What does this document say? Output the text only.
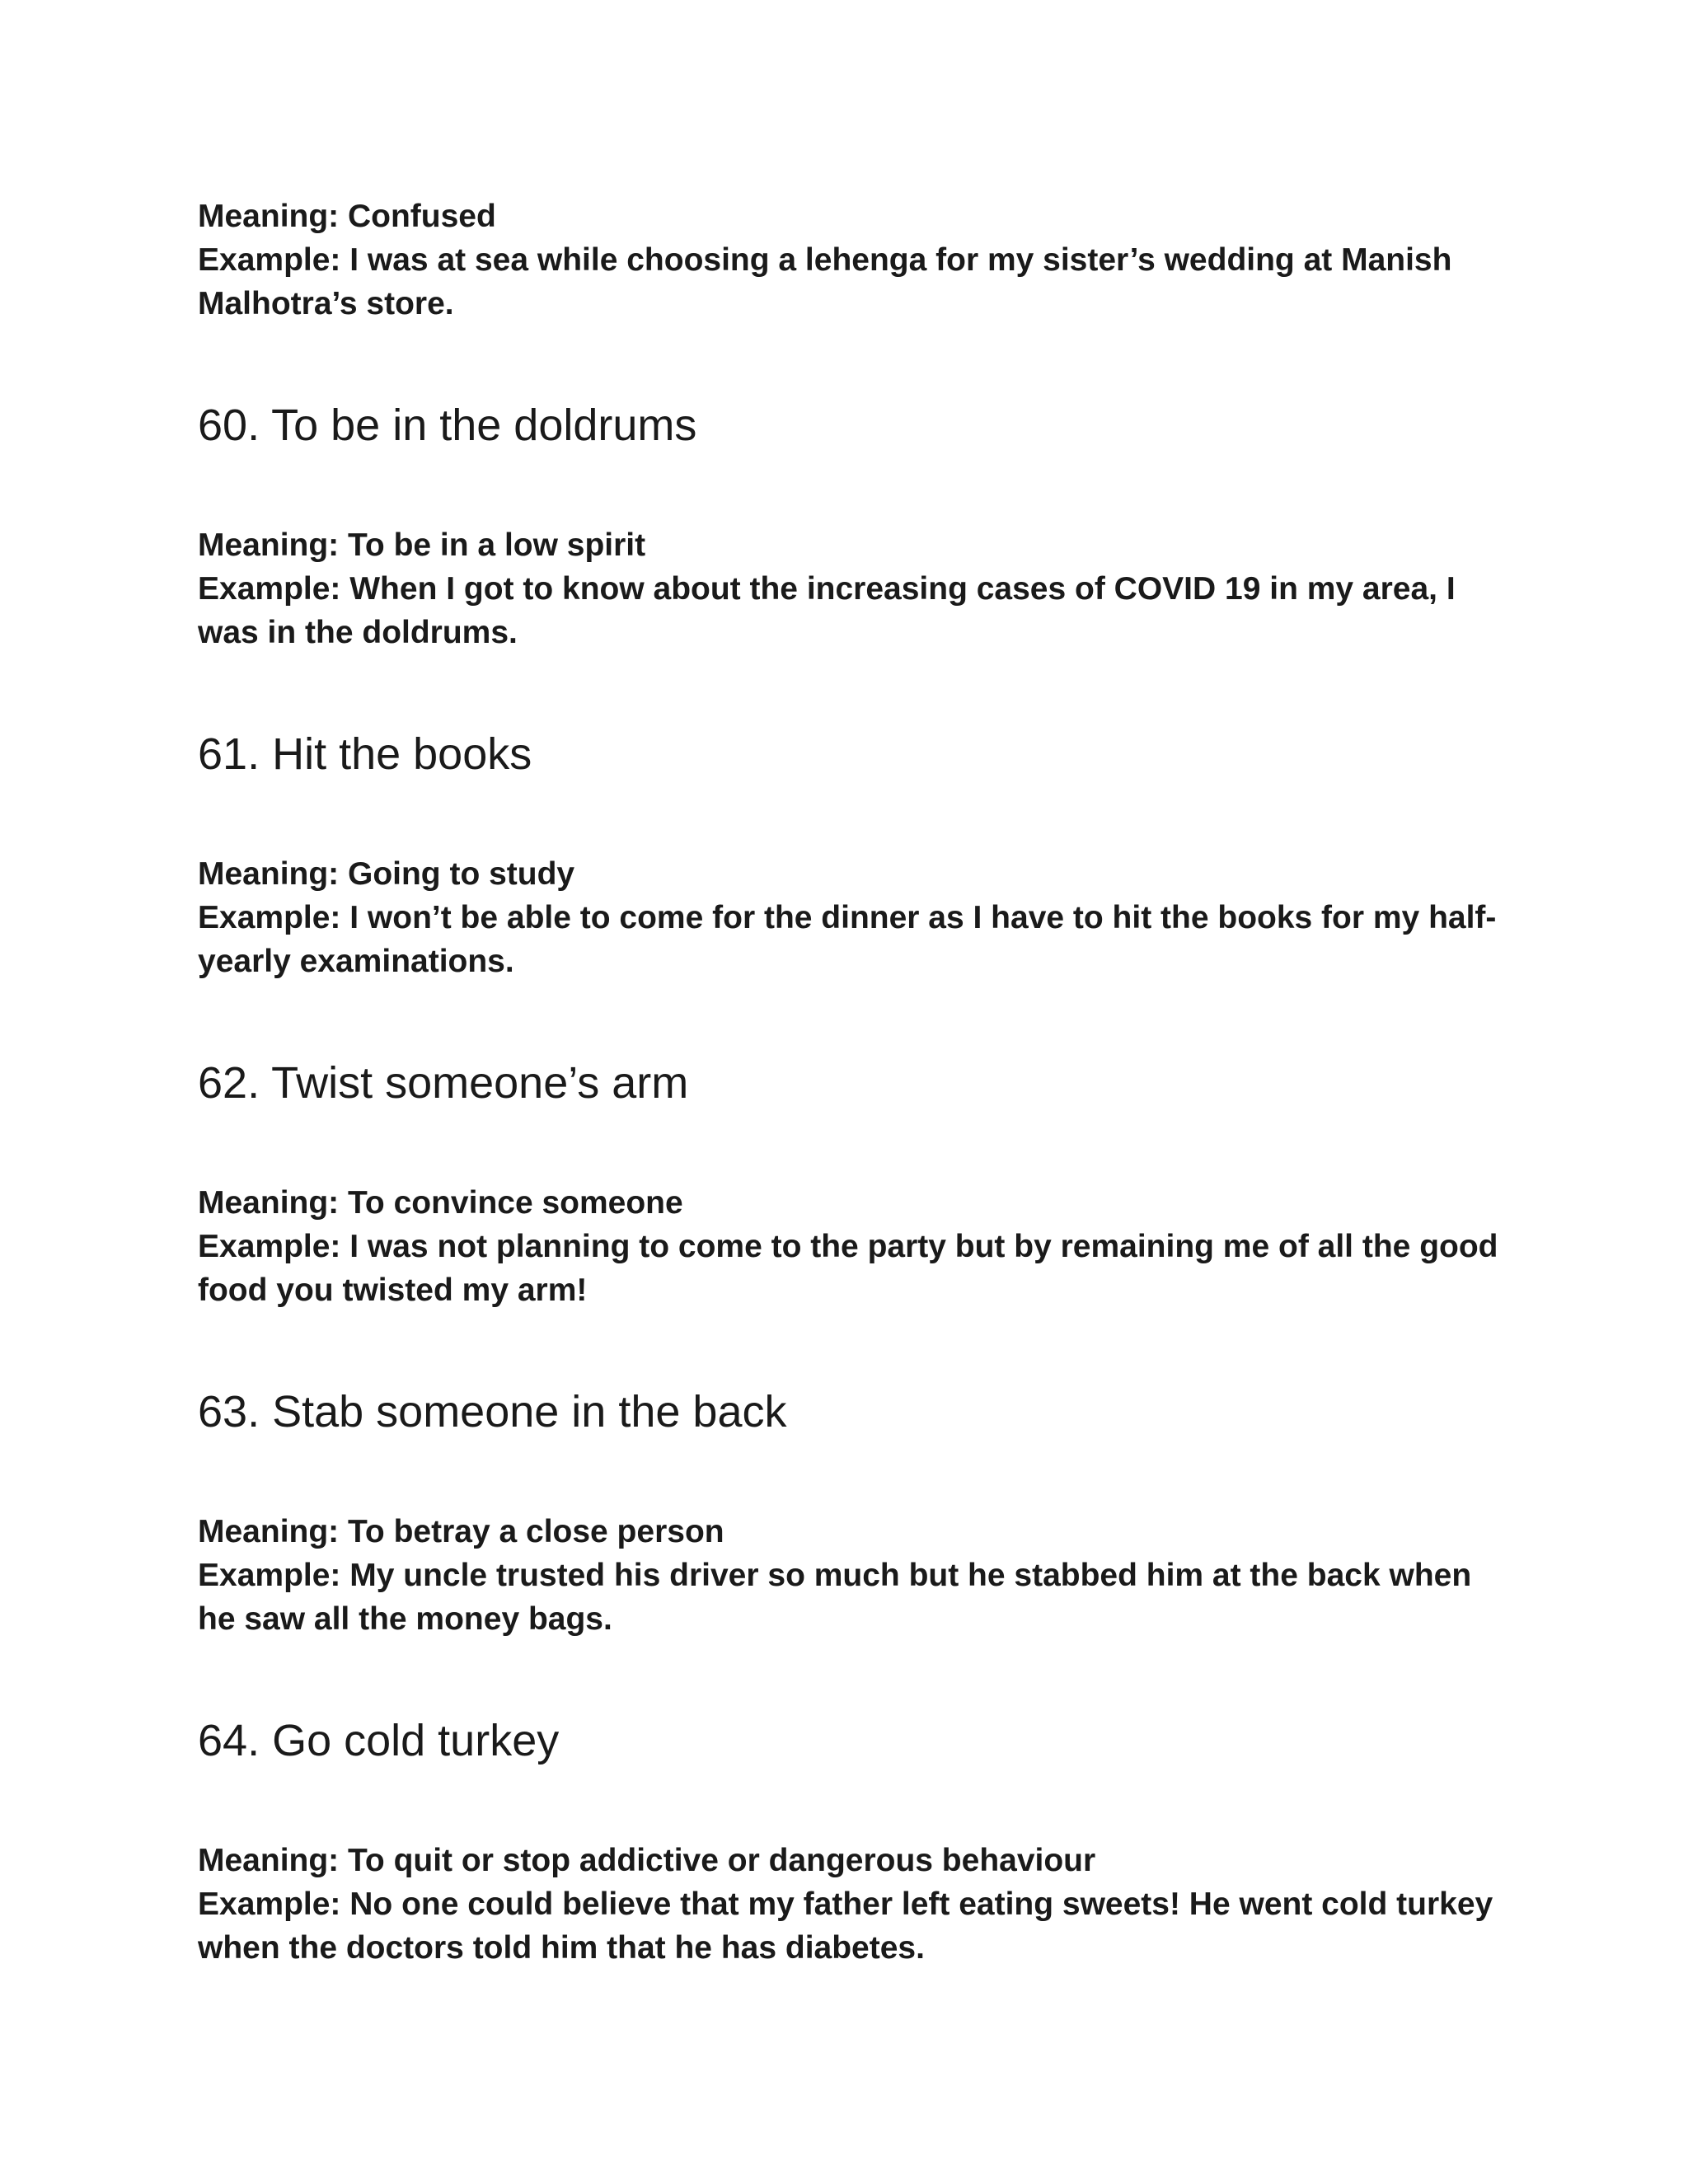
Meaning: Confused

Example: I was at sea while choosing a lehenga for my sister’s wedding at Manish Malhotra’s store.

60. To be in the doldrums

Meaning: To be in a low spirit

Example: When I got to know about the increasing cases of COVID 19 in my area, I was in the doldrums.

61. Hit the books

Meaning: Going to study

Example: I won’t be able to come for the dinner as I have to hit the books for my half-yearly examinations.

62. Twist someone’s arm

Meaning: To convince someone

Example: I was not planning to come to the party but by remaining me of all the good food you twisted my arm!

63. Stab someone in the back

Meaning: To betray a close person

Example: My uncle trusted his driver so much but he stabbed him at the back when he saw all the money bags.

64. Go cold turkey

Meaning: To quit or stop addictive or dangerous behaviour

Example: No one could believe that my father left eating sweets! He went cold turkey when the doctors told him that he has diabetes.
